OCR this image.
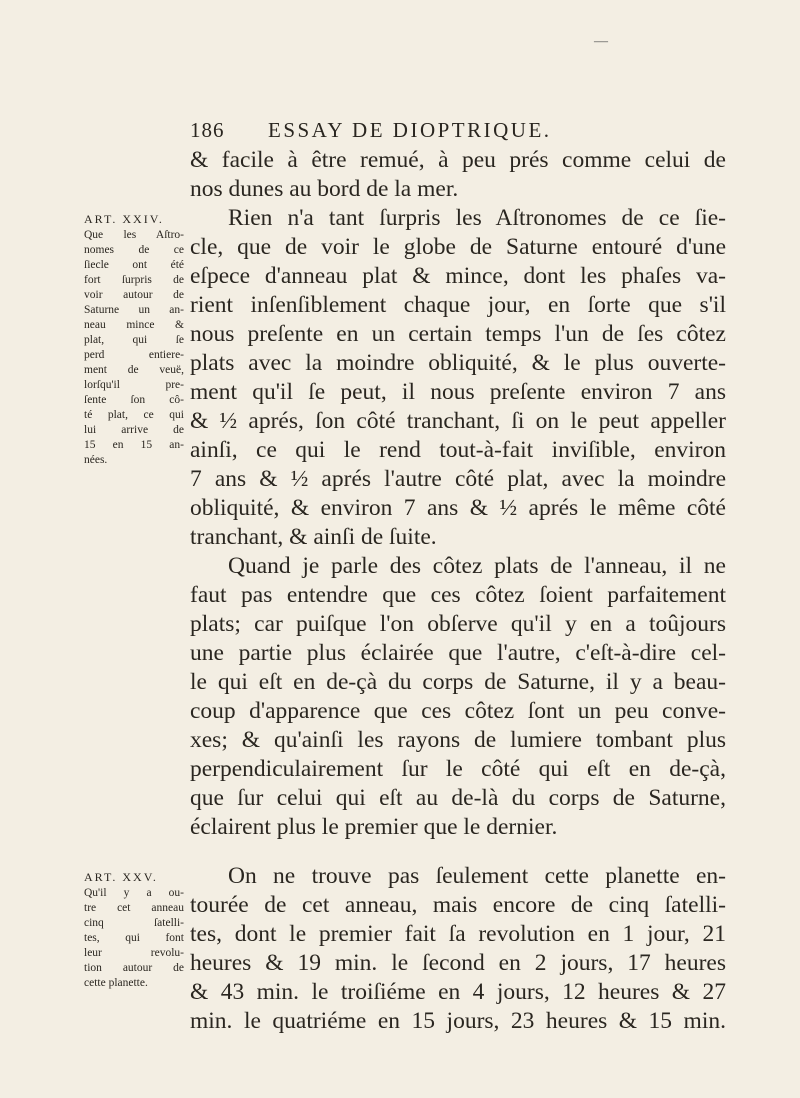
—
186 ESSAY DE DIOPTRIQUE.
& facile à être remué, à peu prés comme celui de
nos dunes au bord de la mer.
Rien n'a tant ſurpris les Aſtronomes de ce ſie-
cle, que de voir le globe de Saturne entouré d'une
eſpece d'anneau plat & mince, dont les phaſes va-
rient inſenſiblement chaque jour, en ſorte que s'il
nous preſente en un certain temps l'un de ſes côtez
plats avec la moindre obliquité, & le plus ouverte-
ment qu'il ſe peut, il nous preſente environ 7 ans
& ½ aprés, ſon côté tranchant, ſi on le peut appeller
ainſi, ce qui le rend tout-à-fait inviſible, environ
7 ans & ½ aprés l'autre côté plat, avec la moindre
obliquité, & environ 7 ans & ½ aprés le même côté
tranchant, & ainſi de ſuite.
Quand je parle des côtez plats de l'anneau, il ne
faut pas entendre que ces côtez ſoient parfaitement
plats; car puiſque l'on obſerve qu'il y en a toûjours
une partie plus éclairée que l'autre, c'eſt-à-dire cel-
le qui eſt en de-çà du corps de Saturne, il y a beau-
coup d'apparence que ces côtez ſont un peu conve-
xes; & qu'ainſi les rayons de lumiere tombant plus
perpendiculairement ſur le côté qui eſt en de-çà,
que ſur celui qui eſt au de-là du corps de Saturne,
éclairent plus le premier que le dernier.
On ne trouve pas ſeulement cette planette en-
tourée de cet anneau, mais encore de cinq ſatelli-
tes, dont le premier fait ſa revolution en 1 jour, 21
heures & 19 min. le ſecond en 2 jours, 17 heures
& 43 min. le troiſiéme en 4 jours, 12 heures & 27
min. le quatriéme en 15 jours, 23 heures & 15 min.
ART. XXIV.
Que les Aſtro-
nomes de ce
ſiecle ont été
fort ſurpris de
voir autour de
Saturne un an-
neau mince &
plat, qui ſe
perd entiere-
ment de veuë,
lorſqu'il pre-
ſente ſon cô-
té plat, ce qui
lui arrive de
15 en 15 an-
nées.
ART. XXV.
Qu'il y a ou-
tre cet anneau
cinq ſatelli-
tes, qui font
leur revolu-
tion autour de
cette planette.
